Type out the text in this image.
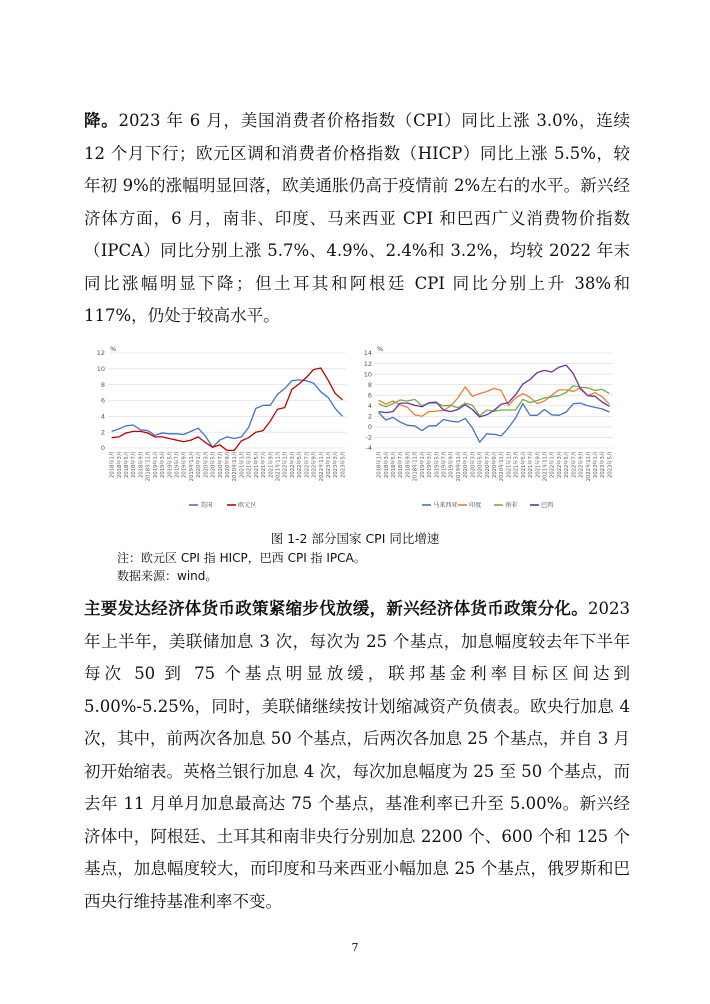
降。2023 年 6 月，美国消费者价格指数（CPI）同比上涨 3.0%，连续 12 个月下行；欧元区调和消费者价格指数（HICP）同比上涨 5.5%，较年初 9%的涨幅明显回落，欧美通胀仍高于疫情前 2%左右的水平。新兴经济体方面，6 月，南非、印度、马来西亚 CPI 和巴西广义消费物价指数（IPCA）同比分别上涨 5.7%、4.9%、2.4%和 3.2%，均较 2022 年末同比涨幅明显下降；但土耳其和阿根廷 CPI 同比分别上升 38%和 117%，仍处于较高水平。

%
0
2
4
6
8
10
12
2018年1月 2018年3月 2018年5月 2018年7月 2018年9月 2018年11月 2019年1月 2019年3月 2019年5月 2019年7月 2019年9月 2019年11月 2020年1月 2020年3月 2020年5月 2020年7月 2020年9月 2020年11月 2021年1月 2021年3月 2021年5月 2021年7月 2021年9月 2021年11月 2022年1月 2022年3月 2022年5月 2022年7月 2022年9月 2022年11月 2023年1月 2023年3月 2023年5月
美国	欧元区
%
-4
-2
0
2
4
6
8
10
12
14
2018年1月 2018年3月 2018年5月 2018年7月 2018年9月 2018年11月 2019年1月 2019年3月 2019年5月 2019年7月 2019年9月 2019年11月 2020年1月 2020年3月 2020年5月 2020年7月 2020年9月 2020年11月 2021年1月 2021年3月 2021年5月 2021年7月 2021年9月 2021年11月 2022年1月 2022年3月 2022年5月 2022年7月 2022年9月 2022年11月 2023年1月 2023年3月 2023年5月
马来西亚 印度	南非	巴西
图 1-2 部分国家 CPI 同比增速
注：欧元区 CPI 指 HICP，巴西 CPI 指 IPCA。
数据来源：wind。

主要发达经济体货币政策紧缩步伐放缓，新兴经济体货币政策分化。2023 年上半年，美联储加息 3 次，每次为 25 个基点，加息幅度较去年下半年每次 50 到 75 个基点明显放缓，联邦基金利率目标区间达到 5.00%-5.25%，同时，美联储继续按计划缩减资产负债表。欧央行加息 4 次，其中，前两次各加息 50 个基点，后两次各加息 25 个基点，并自 3 月初开始缩表。英格兰银行加息 4 次，每次加息幅度为 25 至 50 个基点，而去年 11 月单月加息最高达 75 个基点，基准利率已升至 5.00%。新兴经济体中，阿根廷、土耳其和南非央行分别加息 2200 个、600 个和 125 个基点，加息幅度较大，而印度和马来西亚小幅加息 25 个基点，俄罗斯和巴西央行维持基准利率不变。

7
